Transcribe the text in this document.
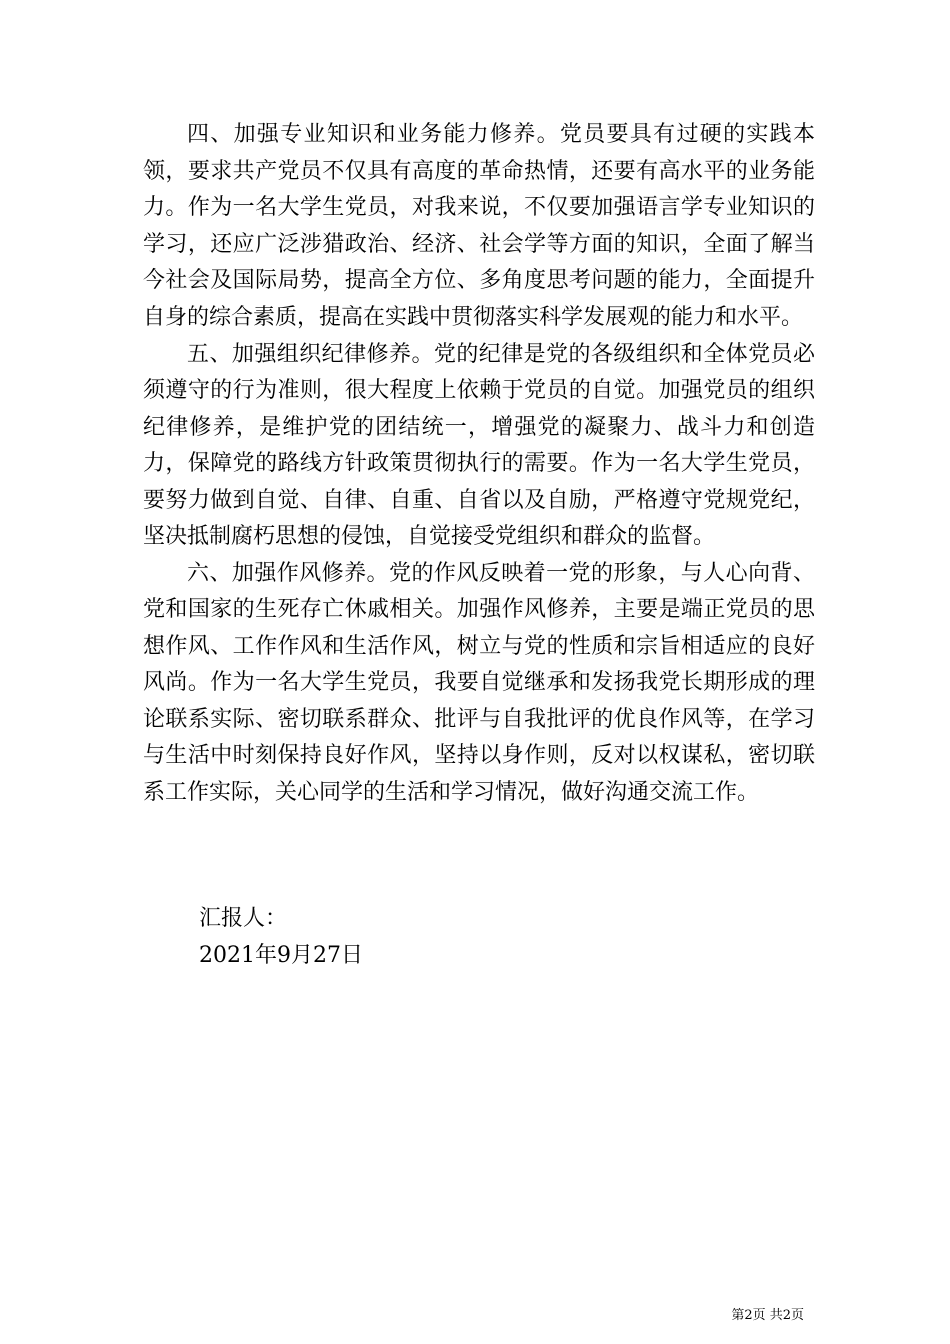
四、加强专业知识和业务能力修养。党员要具有过硬的实践本领，要求共产党员不仅具有高度的革命热情，还要有高水平的业务能力。作为一名大学生党员，对我来说，不仅要加强语言学专业知识的学习，还应广泛涉猎政治、经济、社会学等方面的知识，全面了解当今社会及国际局势，提高全方位、多角度思考问题的能力，全面提升自身的综合素质，提高在实践中贯彻落实科学发展观的能力和水平。

五、加强组织纪律修养。党的纪律是党的各级组织和全体党员必须遵守的行为准则，很大程度上依赖于党员的自觉。加强党员的组织纪律修养，是维护党的团结统一，增强党的凝聚力、战斗力和创造力，保障党的路线方针政策贯彻执行的需要。作为一名大学生党员，要努力做到自觉、自律、自重、自省以及自励，严格遵守党规党纪，坚决抵制腐朽思想的侵蚀，自觉接受党组织和群众的监督。

六、加强作风修养。党的作风反映着一党的形象，与人心向背、党和国家的生死存亡休戚相关。加强作风修养，主要是端正党员的思想作风、工作作风和生活作风，树立与党的性质和宗旨相适应的良好风尚。作为一名大学生党员，我要自觉继承和发扬我党长期形成的理论联系实际、密切联系群众、批评与自我批评的优良作风等，在学习与生活中时刻保持良好作风，坚持以身作则，反对以权谋私，密切联系工作实际，关心同学的生活和学习情况，做好沟通交流工作。

汇报人：
2021年9月27日
第2页 共2页
